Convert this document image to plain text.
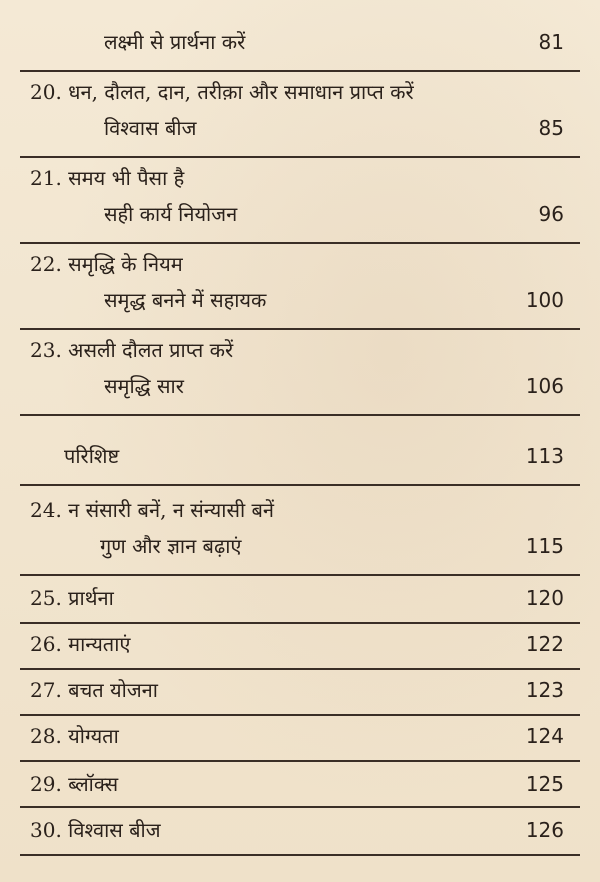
लक्ष्मी से प्रार्थना करें	81
20. धन, दौलत, दान, तरीक़ा और समाधान प्राप्त करें
विश्वास बीज	85
21. समय भी पैसा है
सही कार्य नियोजन	96
22. समृद्धि के नियम
समृद्ध बनने में सहायक	100
23. असली दौलत प्राप्त करें
समृद्धि सार	106
परिशिष्ट	113
24. न संसारी बनें, न संन्यासी बनें
गुण और ज्ञान बढ़ाएं	115
25. प्रार्थना	120
26. मान्यताएं	122
27. बचत योजना	123
28. योग्यता	124
29. ब्लॉक्स	125
30. विश्वास बीज	126
